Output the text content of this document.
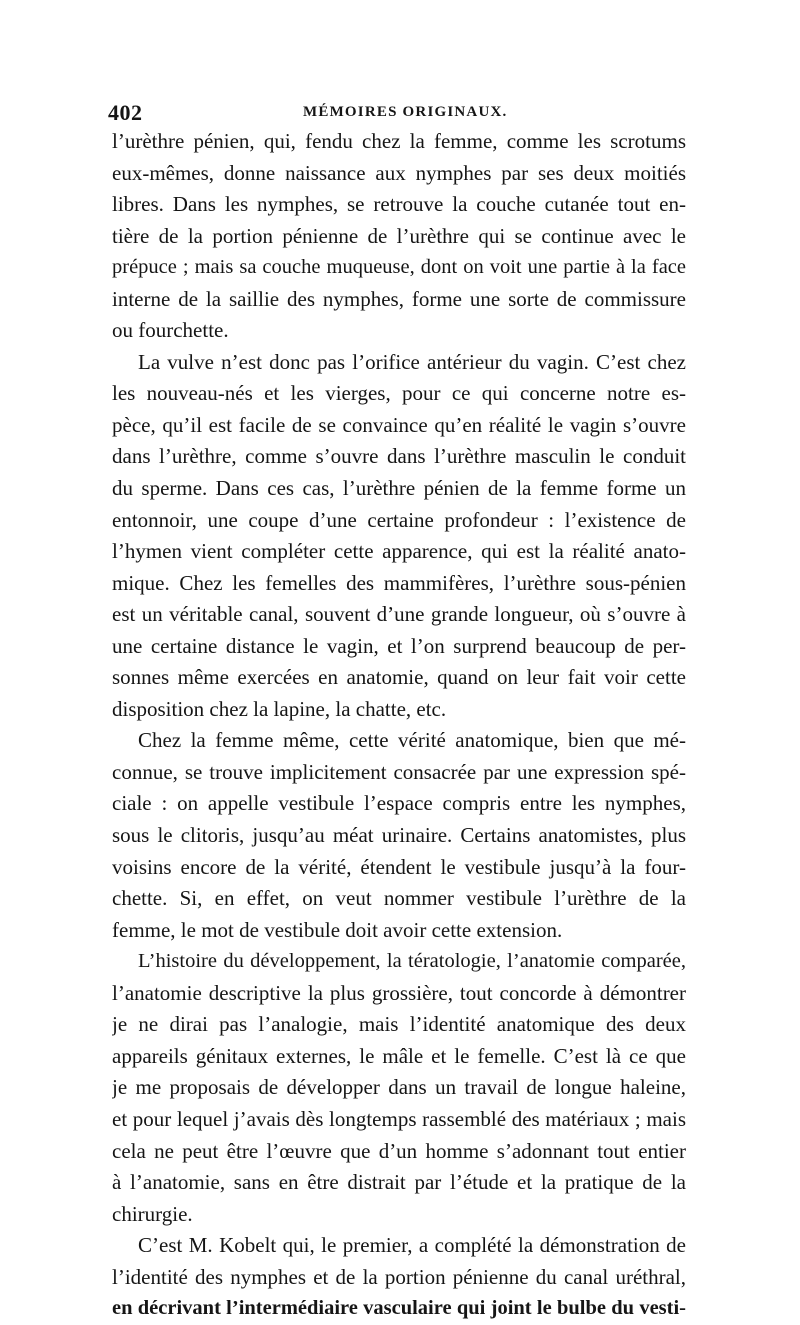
402	MÉMOIRES ORIGINAUX.
l’urèthre pénien, qui, fendu chez la femme, comme les scrotums
eux-mêmes, donne naissance aux nymphes par ses deux moitiés
libres. Dans les nymphes, se retrouve la couche cutanée tout en-
tière de la portion pénienne de l’urèthre qui se continue avec le
prépuce ; mais sa couche muqueuse, dont on voit une partie à la face
interne de la saillie des nymphes, forme une sorte de commissure
ou fourchette.
La vulve n’est donc pas l’orifice antérieur du vagin. C’est chez
les nouveau-nés et les vierges, pour ce qui concerne notre es-
pèce, qu’il est facile de se convaince qu’en réalité le vagin s’ouvre
dans l’urèthre, comme s’ouvre dans l’urèthre masculin le conduit
du sperme. Dans ces cas, l’urèthre pénien de la femme forme un
entonnoir, une coupe d’une certaine profondeur : l’existence de
l’hymen vient compléter cette apparence, qui est la réalité anato-
mique. Chez les femelles des mammifères, l’urèthre sous-pénien
est un véritable canal, souvent d’une grande longueur, où s’ouvre à
une certaine distance le vagin, et l’on surprend beaucoup de per-
sonnes même exercées en anatomie, quand on leur fait voir cette
disposition chez la lapine, la chatte, etc.
Chez la femme même, cette vérité anatomique, bien que mé-
connue, se trouve implicitement consacrée par une expression spé-
ciale : on appelle vestibule l’espace compris entre les nymphes,
sous le clitoris, jusqu’au méat urinaire. Certains anatomistes, plus
voisins encore de la vérité, étendent le vestibule jusqu’à la four-
chette. Si, en effet, on veut nommer vestibule l’urèthre de la
femme, le mot de vestibule doit avoir cette extension.
L’histoire du développement, la tératologie, l’anatomie comparée,
l’anatomie descriptive la plus grossière, tout concorde à démontrer
je ne dirai pas l’analogie, mais l’identité anatomique des deux
appareils génitaux externes, le mâle et le femelle. C’est là ce que
je me proposais de développer dans un travail de longue haleine,
et pour lequel j’avais dès longtemps rassemblé des matériaux ; mais
cela ne peut être l’œuvre que d’un homme s’adonnant tout entier
à l’anatomie, sans en être distrait par l’étude et la pratique de la
chirurgie.
C’est M. Kobelt qui, le premier, a complété la démonstration de
l’identité des nymphes et de la portion pénienne du canal uréthral,
en décrivant l’intermédiaire vasculaire qui joint le bulbe du vesti-
